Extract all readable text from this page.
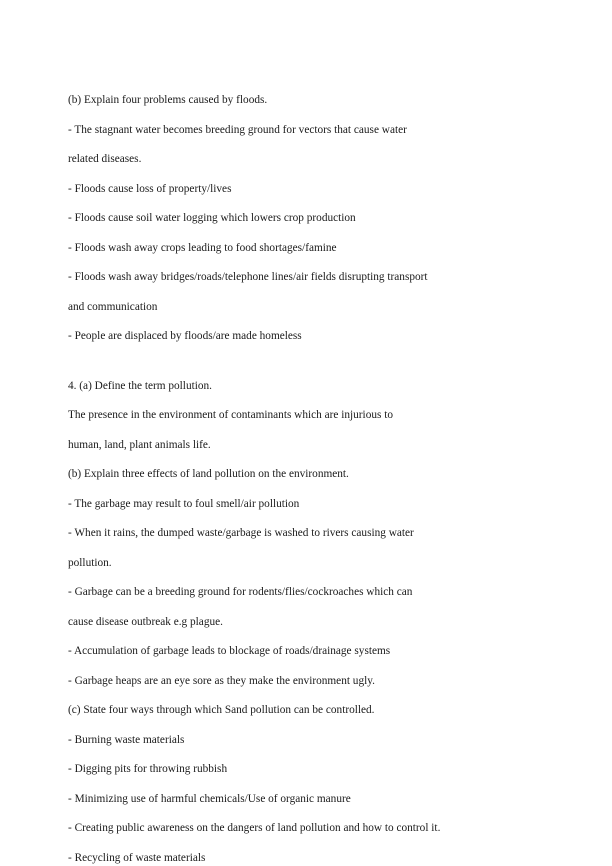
(b) Explain four problems caused by floods.

- The stagnant water becomes breeding ground for vectors that cause water

related diseases.

- Floods cause loss of property/lives

- Floods cause soil water logging which lowers crop production

- Floods wash away crops leading to food shortages/famine

- Floods wash away bridges/roads/telephone lines/air fields disrupting transport

and communication

- People are displaced by floods/are made homeless

4. (a) Define the term pollution.

The presence in the environment of contaminants which are injurious to

human, land, plant animals life.

(b) Explain three effects of land pollution on the environment.

- The garbage may result to foul smell/air pollution

- When it rains, the dumped waste/garbage is washed to rivers causing water

pollution.

- Garbage can be a breeding ground for rodents/flies/cockroaches which can

cause disease outbreak e.g plague.

- Accumulation of garbage leads to blockage of roads/drainage systems

- Garbage heaps are an eye sore as they make the environment ugly.

(c) State four ways through which Sand pollution can be controlled.

- Burning waste materials

- Digging pits for throwing rubbish

- Minimizing use of harmful chemicals/Use of organic manure

- Creating public awareness on the dangers of land pollution and how to control it.

- Recycling of waste materials
